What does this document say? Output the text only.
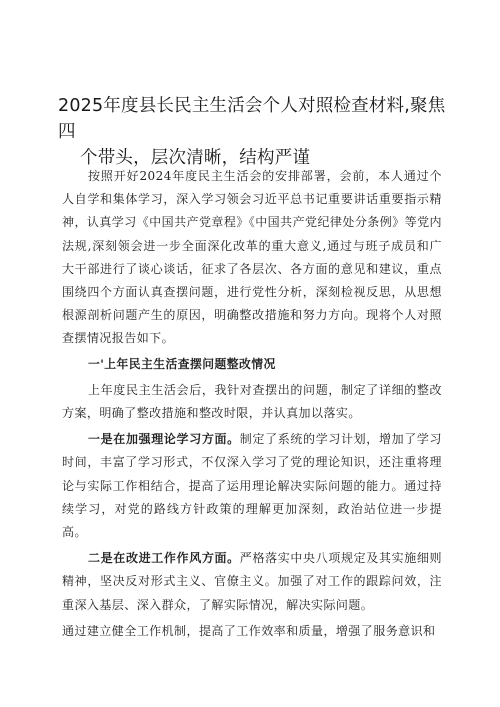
2025年度县长民主生活会个人对照检查材料,聚焦四
个带头，层次清晰，结构严谨

按照开好2024年度民主生活会的安排部署，会前，本人通过个人自学和集体学习，深入学习领会习近平总书记重要讲话重要指示精神，认真学习《中国共产党章程》《中国共产党纪律处分条例》等党内法规,深刻领会进一步全面深化改革的重大意义,通过与班子成员和广大干部进行了谈心谈话，征求了各层次、各方面的意见和建议，重点围绕四个方面认真查摆问题，进行党性分析，深刻检视反思，从思想根源剖析问题产生的原因，明确整改措施和努力方向。现将个人对照查摆情况报告如下。

一'上年民主生活查摆问题整改情况

上年度民主生活会后，我针对查摆出的问题，制定了详细的整改方案，明确了整改措施和整改时限，并认真加以落实。

一是在加强理论学习方面。制定了系统的学习计划，增加了学习时间，丰富了学习形式，不仅深入学习了党的理论知识，还注重将理论与实际工作相结合，提高了运用理论解决实际问题的能力。通过持续学习，对党的路线方针政策的理解更加深刻，政治站位进一步提高。

二是在改进工作作风方面。严格落实中央八项规定及其实施细则精神，坚决反对形式主义、官僚主义。加强了对工作的跟踪问效，注重深入基层、深入群众，了解实际情况，解决实际问题。

通过建立健全工作机制，提高了工作效率和质量，增强了服务意识和
